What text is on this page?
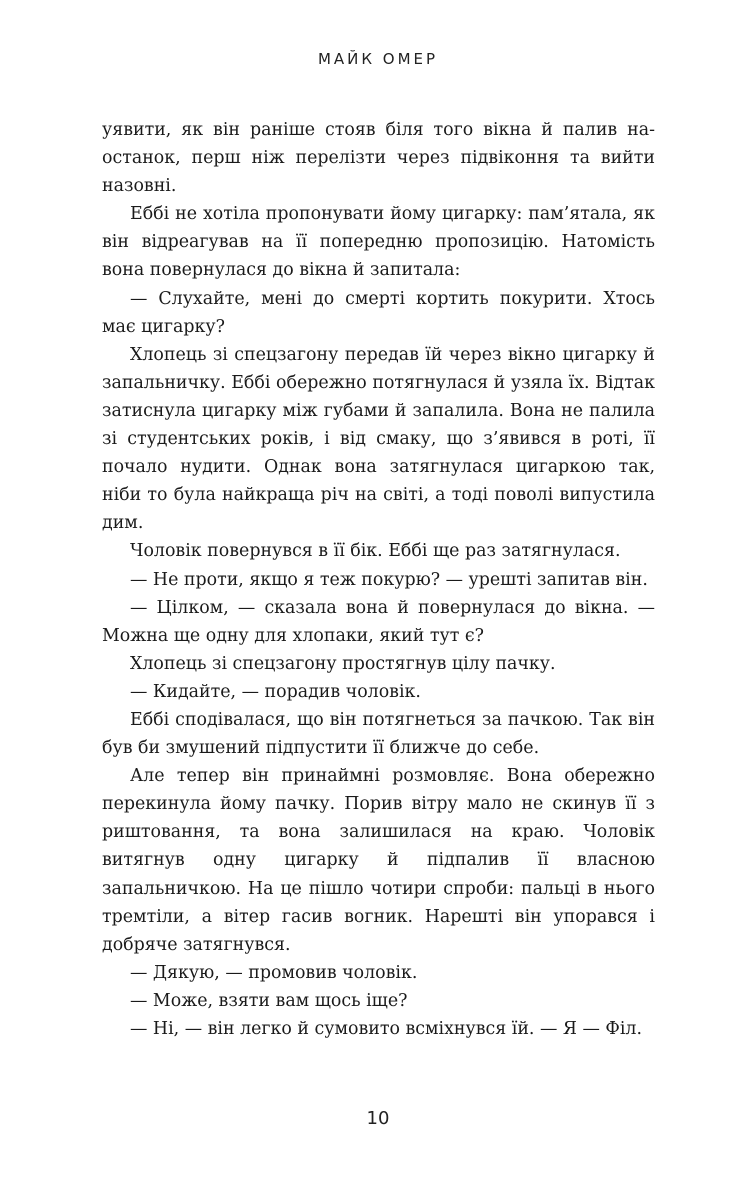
МАЙК ОМЕР

уявити, як він раніше стояв біля того вікна й палив наостанок, перш ніж перелізти через підвіконня та вийти назовні.

Еббі не хотіла пропонувати йому цигарку: пам’ятала, як він відреагував на її попередню пропозицію. Натомість вона повернулася до вікна й запитала:

— Слухайте, мені до смерті кортить покурити. Хтось має цигарку?

Хлопець зі спецзагону передав їй через вікно цигарку й запальничку. Еббі обережно потягнулася й узяла їх. Відтак затиснула цигарку між губами й запалила. Вона не палила зі студентських років, і від смаку, що з’явився в роті, її почало нудити. Однак вона затягнулася цигаркою так, ніби то була найкраща річ на світі, а тоді поволі випустила дим.

Чоловік повернувся в її бік. Еббі ще раз затягнулася.

— Не проти, якщо я теж покурю? — урешті запитав він.

— Цілком, — сказала вона й повернулася до вікна. — Можна ще одну для хлопаки, який тут є?

Хлопець зі спецзагону простягнув цілу пачку.

— Кидайте, — порадив чоловік.

Еббі сподівалася, що він потягнеться за пачкою. Так він був би змушений підпустити її ближче до себе.

Але тепер він принаймні розмовляє. Вона обережно перекинула йому пачку. Порив вітру мало не скинув її з риштовання, та вона залишилася на краю. Чоловік витягнув одну цигарку й підпалив її власною запальничкою. На це пішло чотири спроби: пальці в нього тремтіли, а вітер гасив вогник. Нарешті він упорався і добряче затягнувся.

— Дякую, — промовив чоловік.

— Може, взяти вам щось іще?

— Ні, — він легко й сумовито всміхнувся їй. — Я — Філ.

10
